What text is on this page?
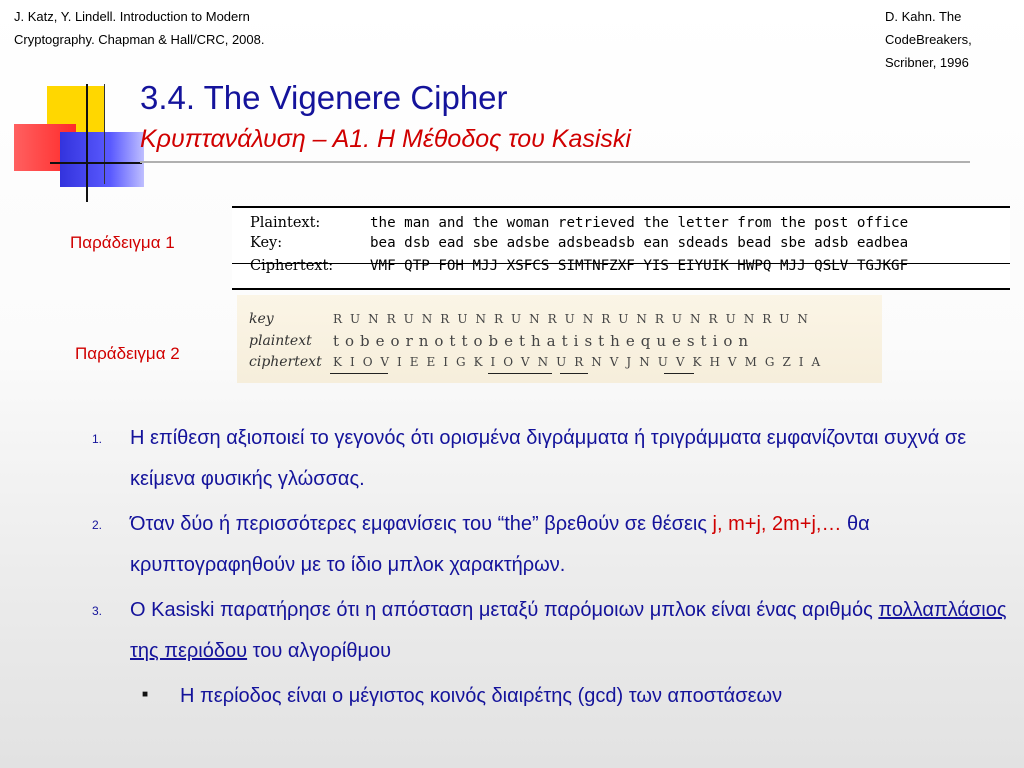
J. Katz, Y. Lindell. Introduction to Modern
Cryptography. Chapman & Hall/CRC, 2008.
D. Kahn. The
CodeBreakers,
Scribner, 1996
3.4. The Vigenere Cipher
Κρυπτανάλυση – Α1. Η Μέθοδος του Kasiski
Παράδειγμα 1
Plaintext:	the man and the woman retrieved the letter from the post office
Key:	bea dsb ead sbe adsbe adsbeadsb ean sdeads bead sbe adsb eadbea
Ciphertext:	VMF QTP FOH MJJ XSFCS SIMTNFZXF YIS EIYUIK HWPQ MJJ QSLV TGJKGF
Παράδειγμα 2
key	RUNRUNRUNRUNRUNRUNRUNRUNRUN
plaintext	tobeornottobethatisthequestion
ciphertext KIOVIEEIGKIOVNURNVJNUVKHVMGZIA
1. Η επίθεση αξιοποιεί το γεγονός ότι ορισμένα διγράμματα ή τριγράμματα εμφανίζονται συχνά σε κείμενα φυσικής γλώσσας.
2. Όταν δύο ή περισσότερες εμφανίσεις του “the” βρεθούν σε θέσεις j, m+j, 2m+j,… θα κρυπτογραφηθούν με το ίδιο μπλοκ χαρακτήρων.
3. Ο Kasiski παρατήρησε ότι η απόσταση μεταξύ παρόμοιων μπλοκ είναι ένας αριθμός πολλαπλάσιος της περιόδου του αλγορίθμου
■ Η περίοδος είναι ο μέγιστος κοινός διαιρέτης (gcd) των αποστάσεων
